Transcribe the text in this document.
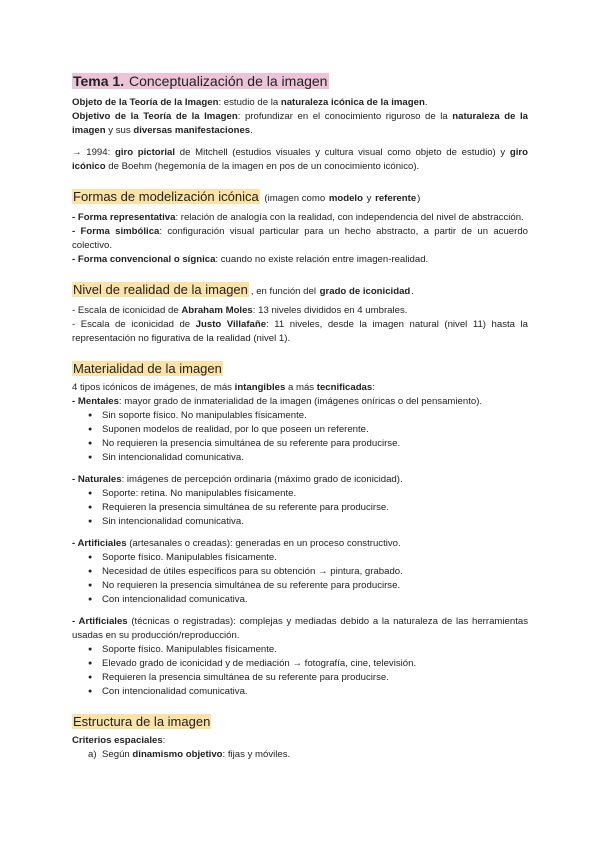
Tema 1. Conceptualización de la imagen

Objeto de la Teoría de la Imagen: estudio de la naturaleza icónica de la imagen.

Objetivo de la Teoría de la Imagen: profundizar en el conocimiento riguroso de la naturaleza de la imagen y sus diversas manifestaciones.

→ 1994: giro pictorial de Mitchell (estudios visuales y cultura visual como objeto de estudio) y giro icónico de Boehm (hegemonía de la imagen en pos de un conocimiento icónico).

Formas de modelización icónica (imagen como modelo y referente)

- Forma representativa: relación de analogía con la realidad, con independencia del nivel de abstracción.

- Forma simbólica: configuración visual particular para un hecho abstracto, a partir de un acuerdo colectivo.

- Forma convencional o sígnica: cuando no existe relación entre imagen-realidad.

Nivel de realidad de la imagen , en función del grado de iconicidad.

- Escala de iconicidad de Abraham Moles: 13 niveles divididos en 4 umbrales.

- Escala de iconicidad de Justo Villafañe: 11 niveles, desde la imagen natural (nivel 11) hasta la representación no figurativa de la realidad (nivel 1).

Materialidad de la imagen

4 tipos icónicos de imágenes, de más intangibles a más tecnificadas:

- Mentales: mayor grado de inmaterialidad de la imagen (imágenes oníricas o del pensamiento).

● Sin soporte físico. No manipulables físicamente.
● Suponen modelos de realidad, por lo que poseen un referente.
● No requieren la presencia simultánea de su referente para producirse.
● Sin intencionalidad comunicativa.

- Naturales: imágenes de percepción ordinaria (máximo grado de iconicidad).

● Soporte: retina. No manipulables físicamente.
● Requieren la presencia simultánea de su referente para producirse.
● Sin intencionalidad comunicativa.

- Artificiales (artesanales o creadas): generadas en un proceso constructivo.

● Soporte físico. Manipulables físicamente.
● Necesidad de útiles específicos para su obtención → pintura, grabado.
● No requieren la presencia simultánea de su referente para producirse.
● Con intencionalidad comunicativa.

- Artificiales (técnicas o registradas): complejas y mediadas debido a la naturaleza de las herramientas usadas en su producción/reproducción.

● Soporte físico. Manipulables físicamente.
● Elevado grado de iconicidad y de mediación → fotografía, cine, televisión.
● Requieren la presencia simultánea de su referente para producirse.
● Con intencionalidad comunicativa.
Estructura de la imagen

Criterios espaciales:

a) Según dinamismo objetivo: fijas y móviles.
